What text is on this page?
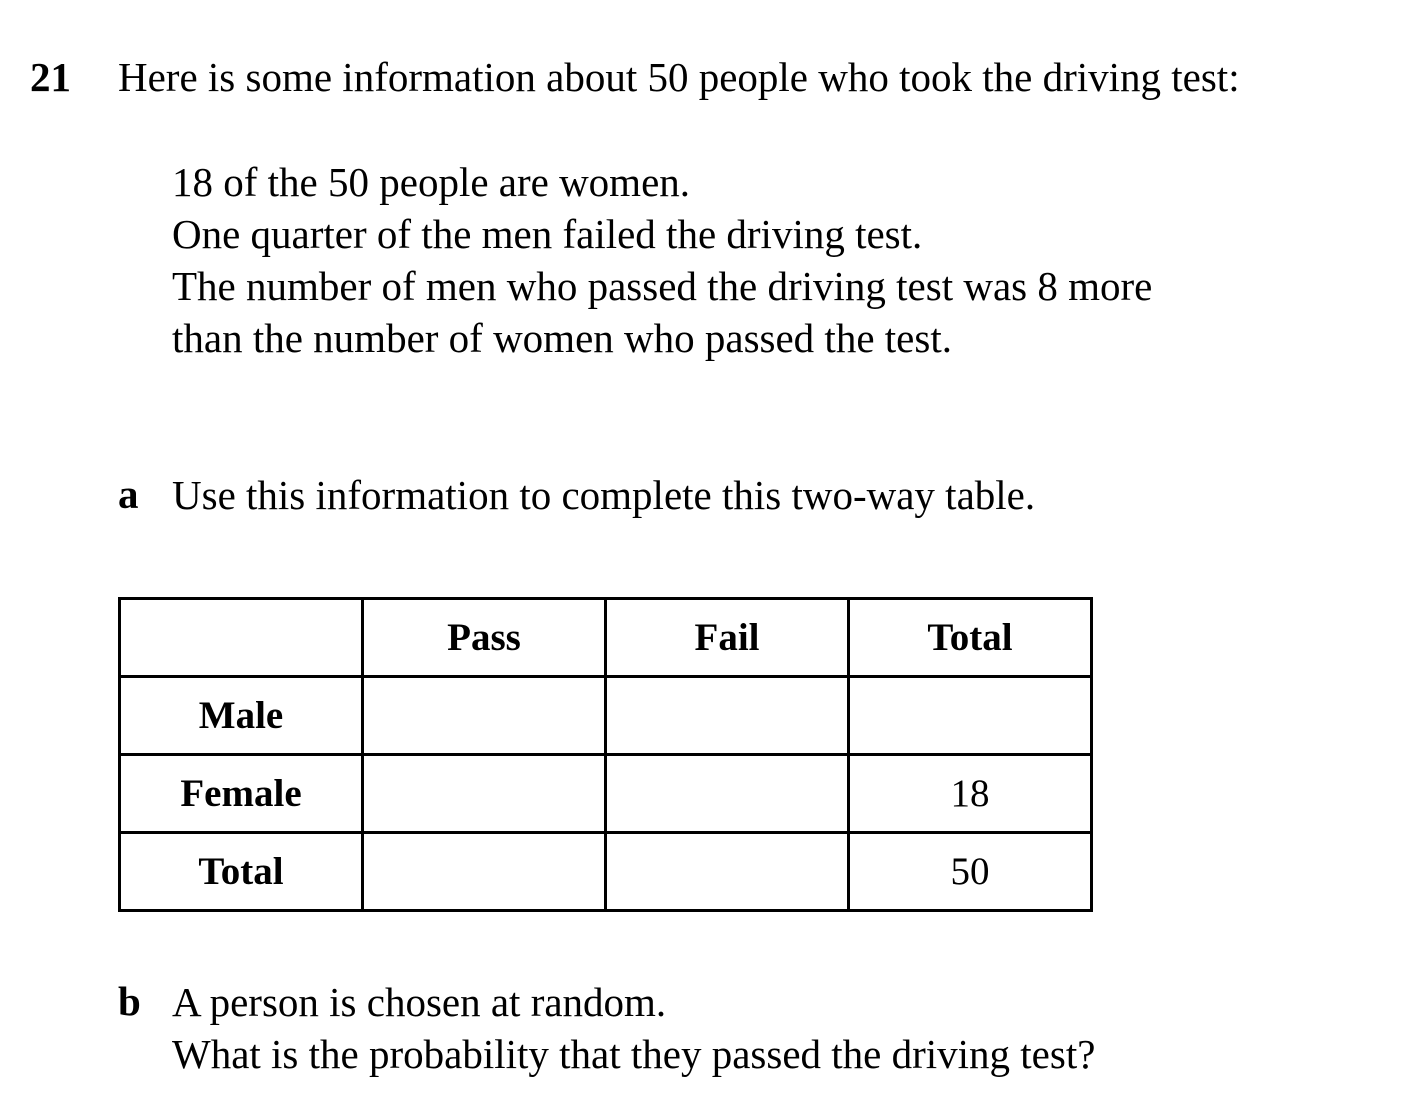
21 Here is some information about 50 people who took the driving test:
18 of the 50 people are women.
One quarter of the men failed the driving test.
The number of men who passed the driving test was 8 more
than the number of women who passed the test.
a Use this information to complete this two-way table.
	Pass	Fail	Total
Male			
Female			18
Total			50
b A person is chosen at random.
What is the probability that they passed the driving test?
